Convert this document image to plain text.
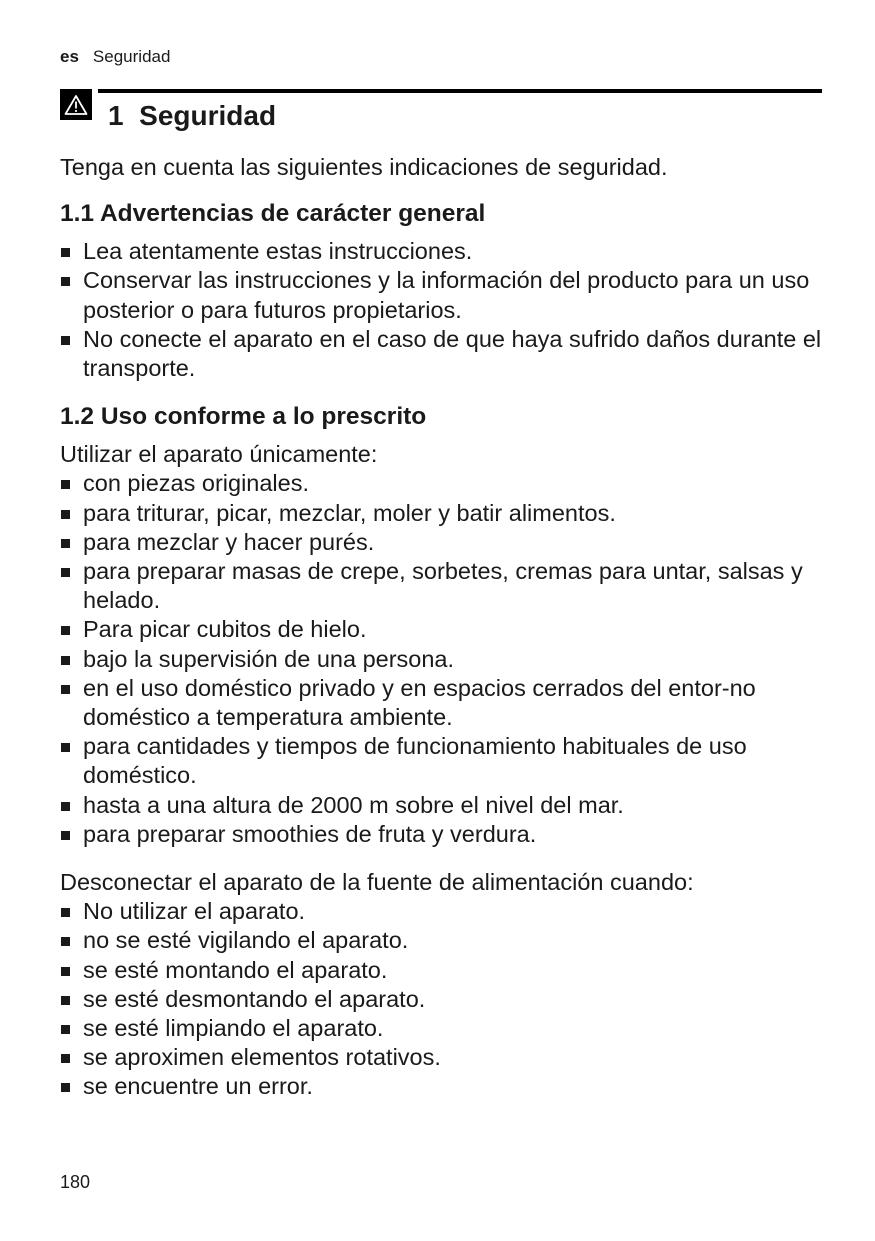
es Seguridad
1 Seguridad

Tenga en cuenta las siguientes indicaciones de seguridad.

1.1 Advertencias de carácter general
Lea atentamente estas instrucciones.
Conservar las instrucciones y la información del producto para un uso posterior o para futuros propietarios.
No conecte el aparato en el caso de que haya sufrido daños durante el transporte.
1.2 Uso conforme a lo prescrito

Utilizar el aparato únicamente:

con piezas originales.
para triturar, picar, mezclar, moler y batir alimentos.
para mezclar y hacer purés.
para preparar masas de crepe, sorbetes, cremas para untar, salsas y helado.
Para picar cubitos de hielo.
bajo la supervisión de una persona.
en el uso doméstico privado y en espacios cerrados del entor-no doméstico a temperatura ambiente.
para cantidades y tiempos de funcionamiento habituales de uso doméstico.
hasta a una altura de 2000 m sobre el nivel del mar.
para preparar smoothies de fruta y verdura.

Desconectar el aparato de la fuente de alimentación cuando:

No utilizar el aparato.
no se esté vigilando el aparato.
se esté montando el aparato.
se esté desmontando el aparato.
se esté limpiando el aparato.
se aproximen elementos rotativos.
se encuentre un error.
180
